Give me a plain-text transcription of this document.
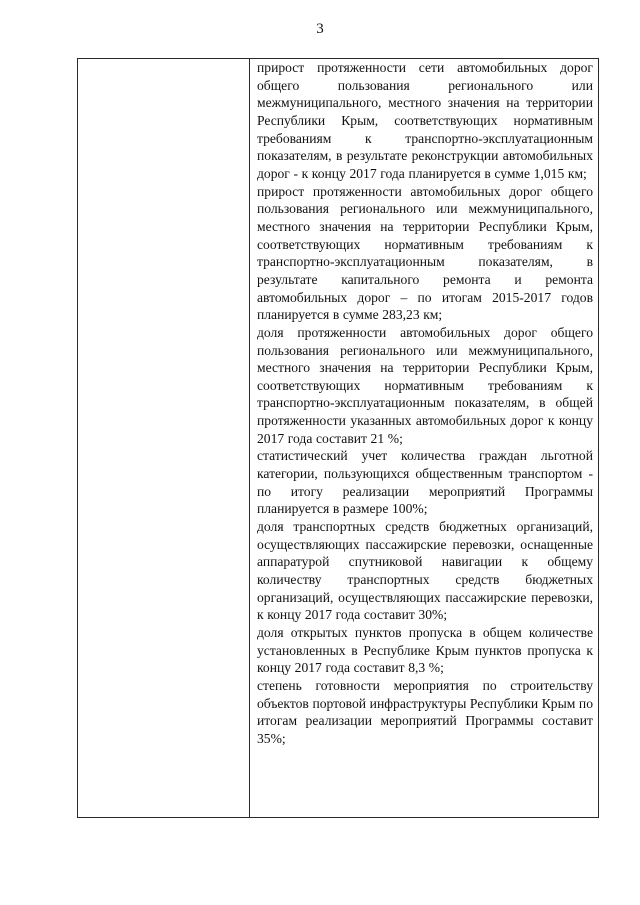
3

прирост протяженности сети автомобильных дорог общего пользования регионального или межмуниципального, местного значения на территории Республики Крым, соответствующих нормативным требованиям к транспортно-эксплуатационным показателям, в результате реконструкции автомобильных дорог - к концу 2017 года планируется в сумме 1,015 км;

прирост протяженности автомобильных дорог общего пользования регионального или межмуниципального, местного значения на территории Республики Крым, соответствующих нормативным требованиям к транспортно-эксплуатационным показателям, в результате капитального ремонта и ремонта автомобильных дорог – по итогам 2015-2017 годов планируется в сумме 283,23 км;

доля протяженности автомобильных дорог общего пользования регионального или межмуниципального, местного значения на территории Республики Крым, соответствующих нормативным требованиям к транспортно-эксплуатационным показателям, в общей протяженности указанных автомобильных дорог к концу 2017 года составит 21 %;

статистический учет количества граждан льготной категории, пользующихся общественным транспортом - по итогу реализации мероприятий Программы планируется в размере 100%;

доля транспортных средств бюджетных организаций, осуществляющих пассажирские перевозки, оснащенные аппаратурой спутниковой навигации к общему количеству транспортных средств бюджетных организаций, осуществляющих пассажирские перевозки, к концу 2017 года составит 30%;

доля открытых пунктов пропуска в общем количестве установленных в Республике Крым пунктов пропуска к концу 2017 года составит 8,3 %;

степень готовности мероприятия по строительству объектов портовой инфраструктуры Республики Крым по итогам реализации мероприятий Программы составит 35%;
